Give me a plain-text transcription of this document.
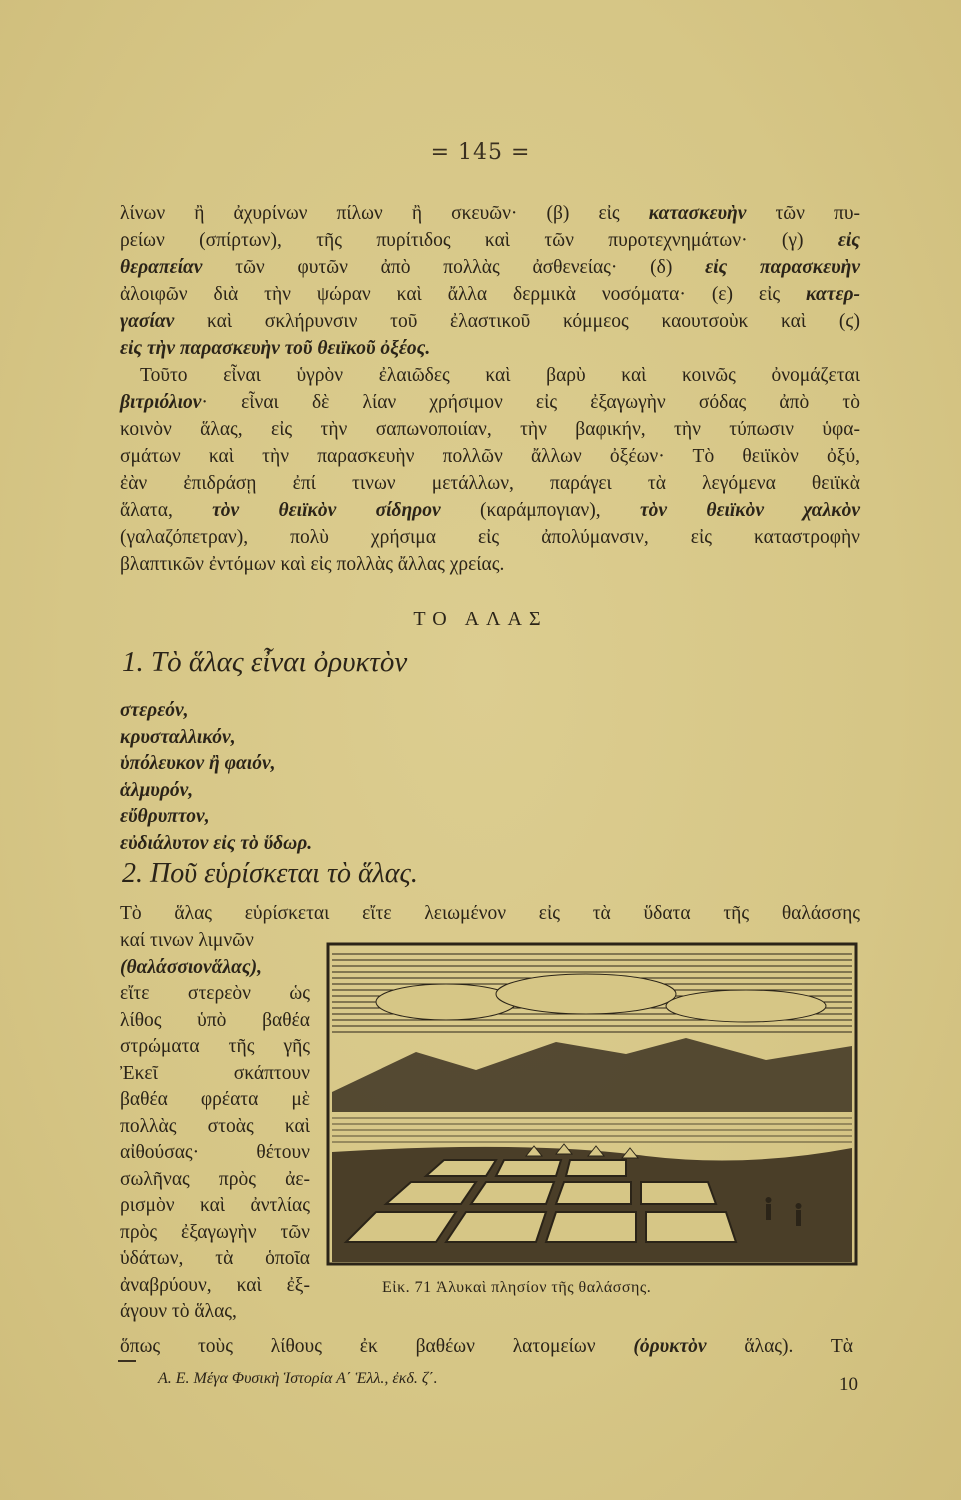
= 145 =
λίνων ἢ ἀχυρίνων πίλων ἢ σκευῶν· (β) εἰς κατασκευὴν τῶν πυ-
ρείων (σπίρτων), τῆς πυρίτιδος καὶ τῶν πυροτεχνημάτων· (γ) εἰς
θεραπείαν τῶν φυτῶν ἀπὸ πολλὰς ἀσθενείας· (δ) εἰς παρασκευὴν
ἀλοιφῶν διὰ τὴν ψώραν καὶ ἄλλα δερμικὰ νοσόματα· (ε) εἰς κατερ-
γασίαν καὶ σκλήρυνσιν τοῦ ἐλαστικοῦ κόμμεος καουτσοὺκ καὶ (ϛ)
εἰς τὴν παρασκευὴν τοῦ θειϊκοῦ ὀξέος.
Τοῦτο εἶναι ὑγρὸν ἐλαιῶδες καὶ βαρὺ καὶ κοινῶς ὀνομάζεται
βιτριόλιον· εἶναι δὲ λίαν χρήσιμον εἰς ἐξαγωγὴν σόδας ἀπὸ τὸ
κοινὸν ἅλας, εἰς τὴν σαπωνοποιίαν, τὴν βαφικήν, τὴν τύπωσιν ὑφα-
σμάτων καὶ τὴν παρασκευὴν πολλῶν ἄλλων ὀξέων· Τὸ θειϊκὸν ὀξύ,
ἐὰν ἐπιδράσῃ ἐπί τινων μετάλλων, παράγει τὰ λεγόμενα θειϊκὰ
ἅλατα, τὸν θειϊκὸν σίδηρον (καράμπογιαν), τὸν θειϊκὸν χαλκὸν
(γαλαζόπετραν), πολὺ χρήσιμα εἰς ἀπολύμανσιν, εἰς καταστροφὴν
βλαπτικῶν ἐντόμων καὶ εἰς πολλὰς ἄλλας χρείας.
ΤΟ ΑΛΑΣ
1. Τὸ ἅλας εἶναι ὀρυκτὸν
στερεόν,
κρυσταλλικόν,
ὑπόλευκον ἢ φαιόν,
ἁλμυρόν,
εὔθρυπτον,
εὐδιάλυτον εἰς τὸ ὕδωρ.
2. Ποῦ εὑρίσκεται τὸ ἅλας.
Τὸ ἅλας εὑρίσκεται εἴτε λειωμένον εἰς τὰ ὕδατα τῆς θαλάσσης
καί τινων λιμνῶν
(θαλάσσιονἅλας),
εἴτε στερεὸν ὡς
λίθος ὑπὸ βαθέα
στρώματα τῆς γῆς
Ἐκεῖ σκάπτουν
βαθέα φρέατα μὲ
πολλὰς στοὰς καὶ
αἰθούσας· θέτουν
σωλῆνας πρὸς ἀε-
ρισμὸν καὶ ἀντλίας
πρὸς ἐξαγωγὴν τῶν
ὑδάτων, τὰ ὁποῖα
ἀναβρύουν, καὶ ἐξ-
άγουν τὸ ἅλας,
Εἰκ. 71 Ἁλυκαὶ πλησίον τῆς θαλάσσης.
ὅπως τοὺς λίθους ἐκ βαθέων λατομείων (ὀρυκτὸν ἅλας). Τὰ
Α. Ε. Μέγα Φυσικὴ Ἱστορία Α΄ Ἑλλ., ἐκδ. ζ΄.	10
